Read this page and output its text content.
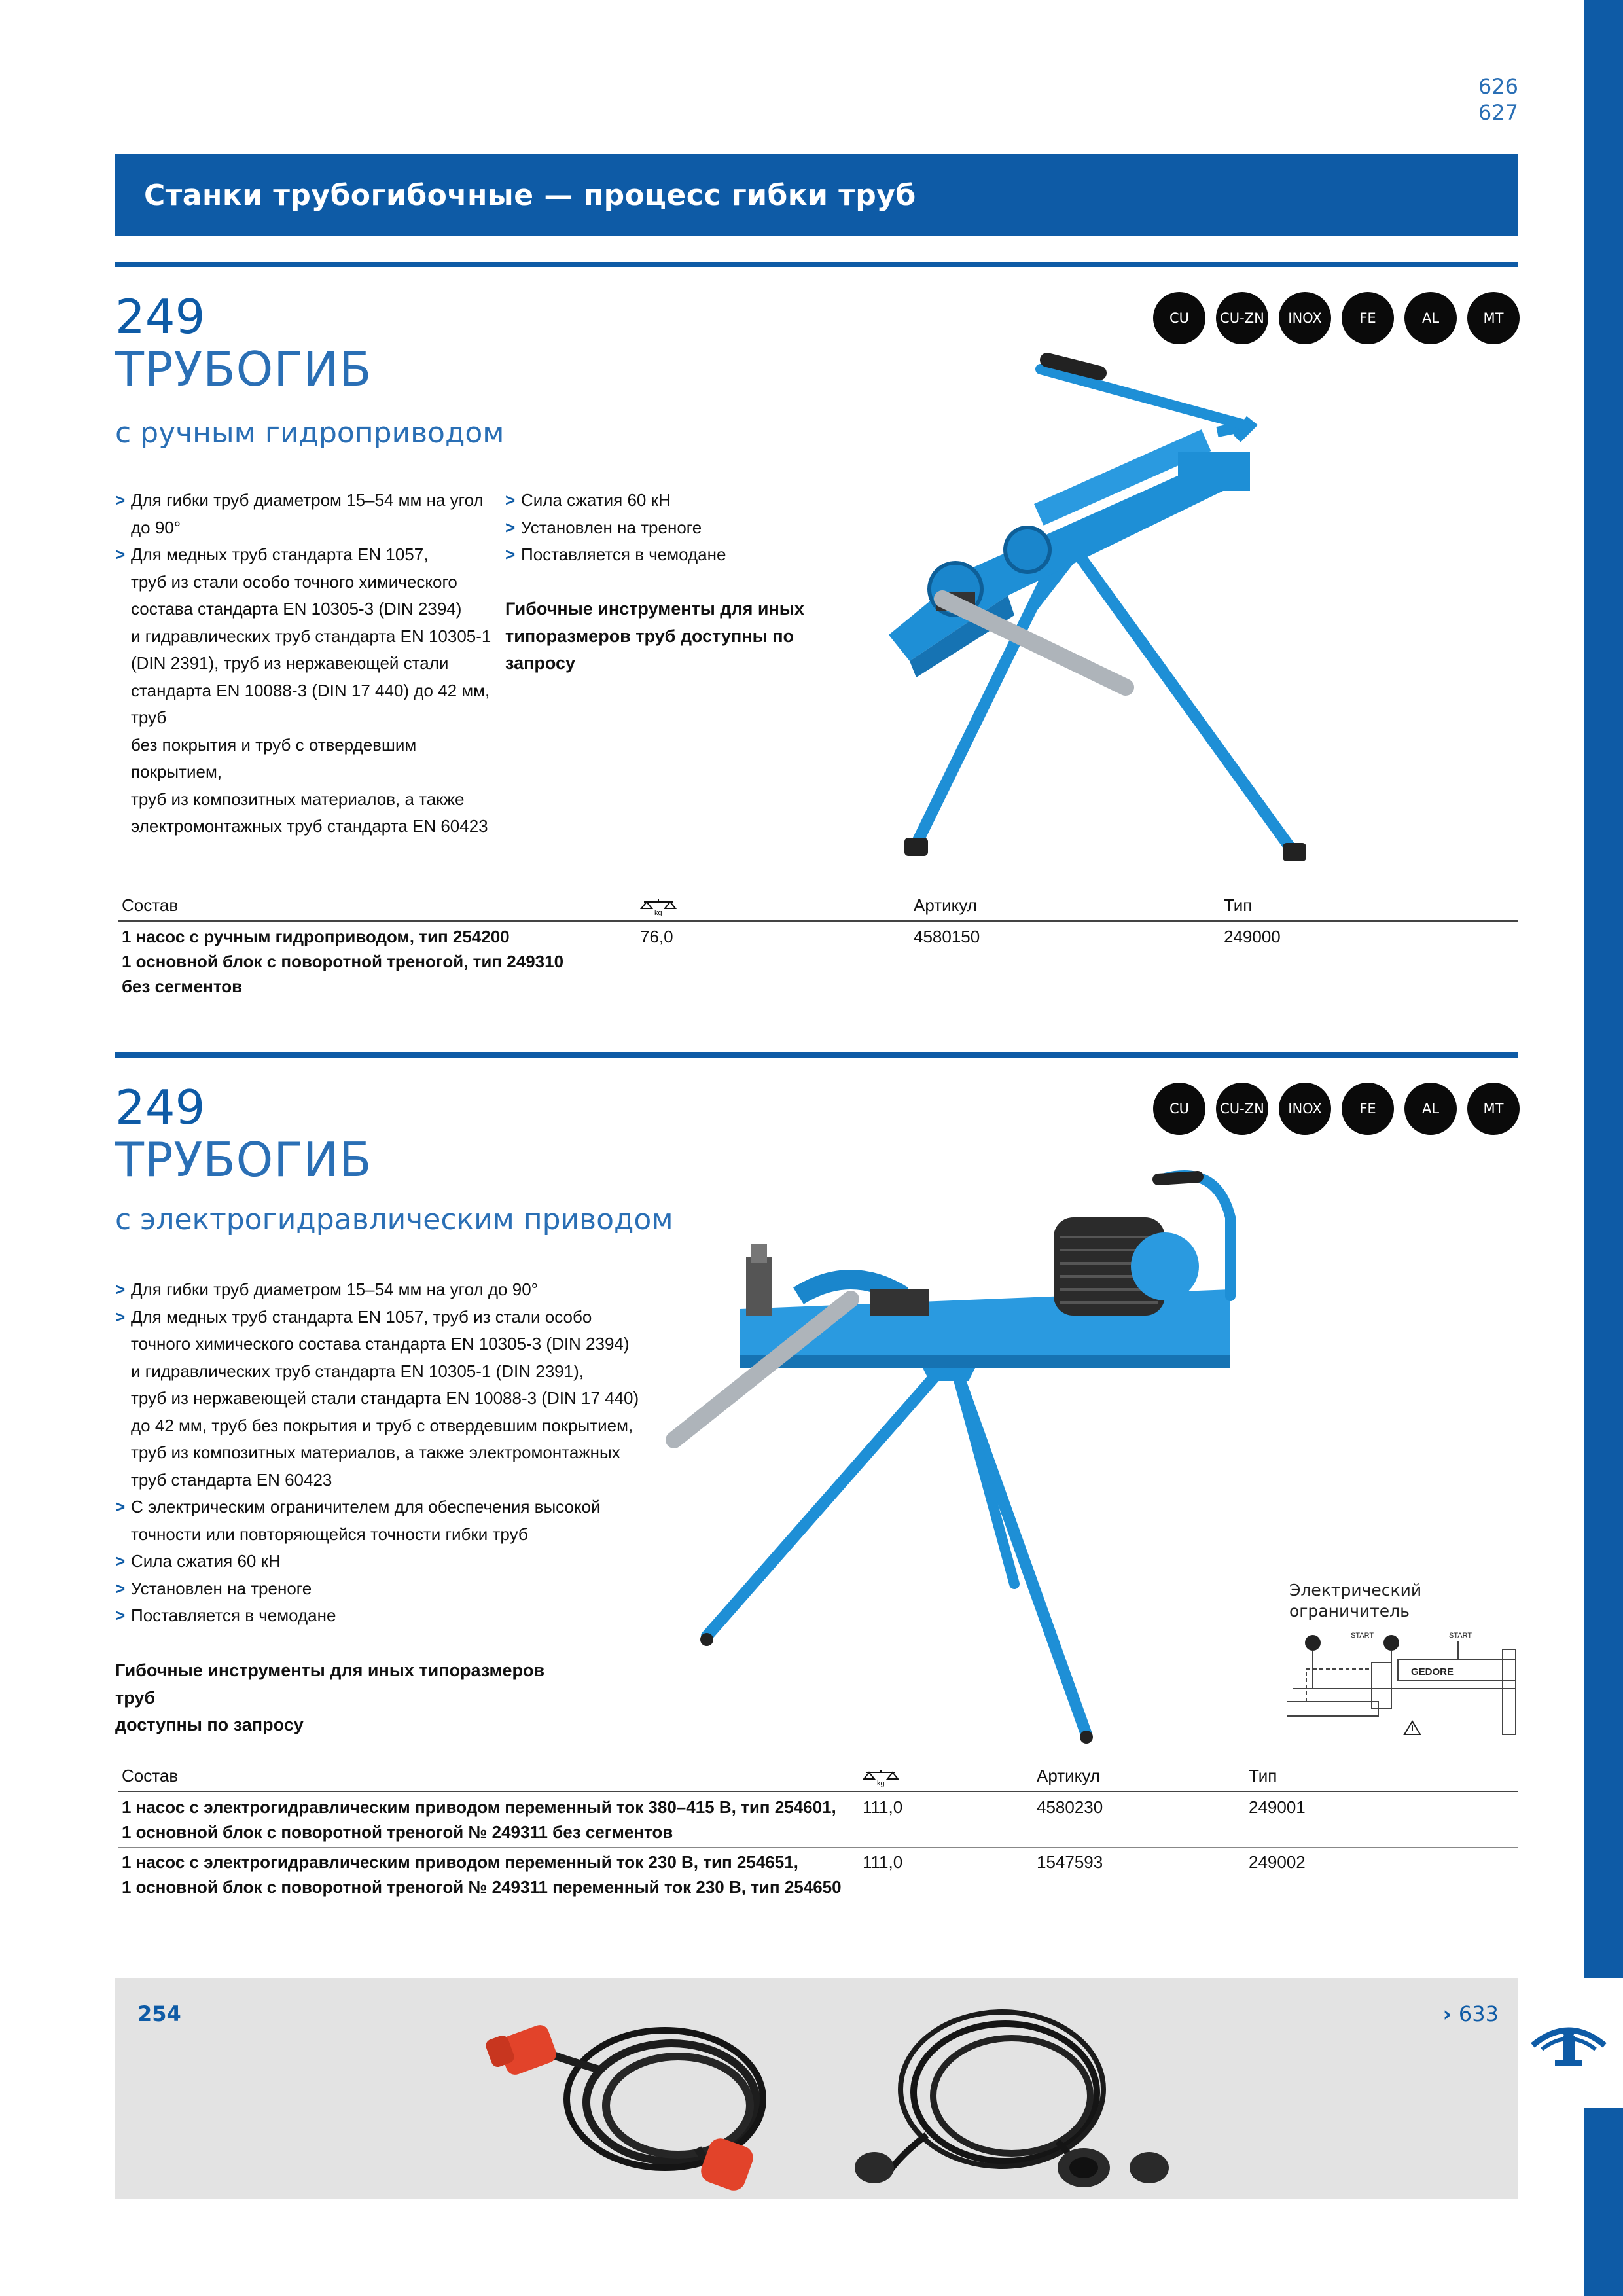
626
627
Станки трубогибочные — процесс гибки труб
249
ТРУБОГИБ
с ручным гидроприводом
CU	CU-ZN	INOX	FE	AL	MT
> Для гибки труб диаметром 15–54 мм на угол до 90°
> Для медных труб стандарта EN 1057,
труб из стали особо точного химического
состава стандарта EN 10305-3 (DIN 2394)
и гидравлических труб стандарта EN 10305-1
(DIN 2391), труб из нержавеющей стали
стандарта EN 10088-3 (DIN 17 440) до 42 мм, труб
без покрытия и труб с отвердевшим покрытием,
труб из композитных материалов, а также
электромонтажных труб стандарта EN 60423
> Сила сжатия 60 кН
> Установлен на треноге
> Поставляется в чемодане
Гибочные инструменты для иных
типоразмеров труб доступны по запросу
Состав	kg	Артикул	Тип
1 насос с ручным гидроприводом, тип 254200
1 основной блок с поворотной треногой, тип 249310
без сегментов
76,0	4580150	249000
249
ТРУБОГИБ
с электрогидравлическим приводом
CU	CU-ZN	INOX	FE	AL	MT
> Для гибки труб диаметром 15–54 мм на угол до 90°
> Для медных труб стандарта EN 1057, труб из стали особо
точного химического состава стандарта EN 10305-3 (DIN 2394)
и гидравлических труб стандарта EN 10305-1 (DIN 2391),
труб из нержавеющей стали стандарта EN 10088-3 (DIN 17 440)
до 42 мм, труб без покрытия и труб с отвердевшим покрытием,
труб из композитных материалов, а также электромонтажных
труб стандарта EN 60423
> С электрическим ограничителем для обеспечения высокой
точности или повторяющейся точности гибки труб
> Сила сжатия 60 кН
> Установлен на треноге
> Поставляется в чемодане
Гибочные инструменты для иных типоразмеров труб
доступны по запросу
Электрический
ограничитель
GEDORE
START	START
Состав	kg	Артикул	Тип
1 насос с электрогидравлическим приводом переменный ток 380–415 В, тип 254601,
1 основной блок с поворотной треногой № 249311 без сегментов
111,0	4580230	249001
1 насос с электрогидравлическим приводом переменный ток 230 В, тип 254651,
1 основной блок с поворотной треногой № 249311 переменный ток 230 В, тип 254650
111,0	1547593	249002
254	› 633
